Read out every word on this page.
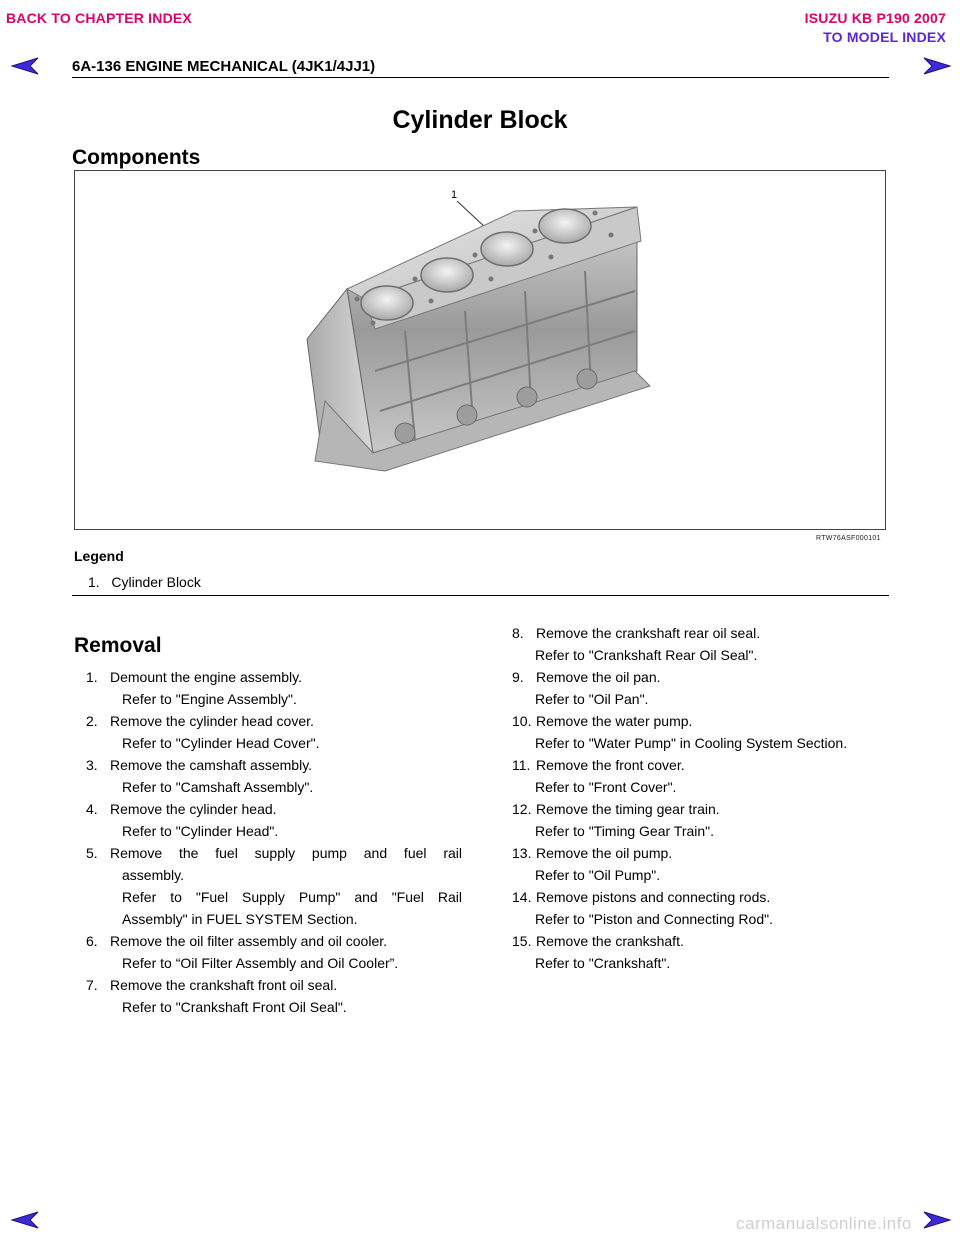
BACK TO CHAPTER INDEX	ISUZU KB P190 2007
TO MODEL INDEX
6A-136 ENGINE MECHANICAL (4JK1/4JJ1)
Cylinder Block
Components
1
RTW76ASF000101
Legend
1. Cylinder Block
Removal
1. Demount the engine assembly.
Refer to "Engine Assembly".
2. Remove the cylinder head cover.
Refer to "Cylinder Head Cover".
3. Remove the camshaft assembly.
Refer to "Camshaft Assembly".
4. Remove the cylinder head.
Refer to "Cylinder Head".
5. Remove the fuel supply pump and fuel rail
assembly.
Refer to "Fuel Supply Pump" and "Fuel Rail
Assembly" in FUEL SYSTEM Section.
6. Remove the oil filter assembly and oil cooler.
Refer to “Oil Filter Assembly and Oil Cooler”.
7. Remove the crankshaft front oil seal.
Refer to "Crankshaft Front Oil Seal".
8. Remove the crankshaft rear oil seal.
Refer to "Crankshaft Rear Oil Seal".
9. Remove the oil pan.
Refer to "Oil Pan".
10. Remove the water pump.
Refer to "Water Pump" in Cooling System Section.
11. Remove the front cover.
Refer to "Front Cover".
12. Remove the timing gear train.
Refer to "Timing Gear Train".
13. Remove the oil pump.
Refer to "Oil Pump".
14. Remove pistons and connecting rods.
Refer to "Piston and Connecting Rod".
15. Remove the crankshaft.
Refer to "Crankshaft".
carmanualsonline.info
